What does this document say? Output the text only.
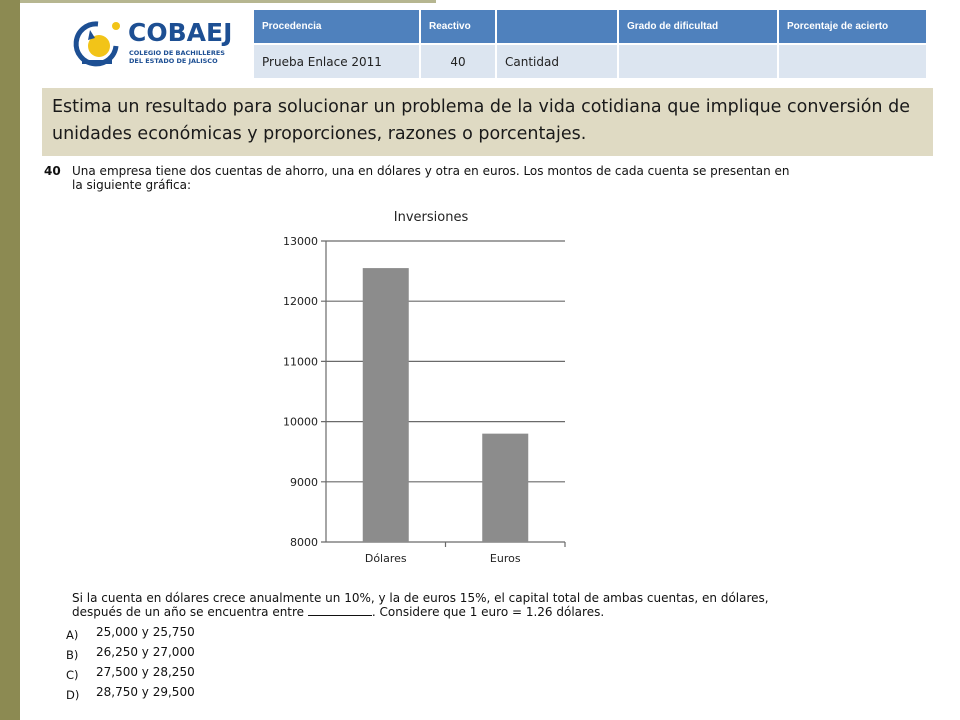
COBAEJ
COLEGIO DE BACHILLERES
DEL ESTADO DE JALISCO
Procedencia	Reactivo		Grado de dificultad	Porcentaje de acierto
Prueba Enlace 2011	40	Cantidad		
Estima un resultado para solucionar un problema de la vida cotidiana que implique conversión de unidades económicas y proporciones, razones o porcentajes.
40 Una empresa tiene dos cuentas de ahorro, una en dólares y otra en euros. Los montos de cada cuenta se presentan en la siguiente gráfica:
Inversiones
8000
9000
10000
11000
12000
13000
Dólares	Euros
Si la cuenta en dólares crece anualmente un 10%, y la de euros 15%, el capital total de ambas cuentas, en dólares, después de un año se encuentra entre	. Considere que 1 euro = 1.26 dólares.
A) 25,000 y 25,750
B) 26,250 y 27,000
C) 27,500 y 28,250
D) 28,750 y 29,500
